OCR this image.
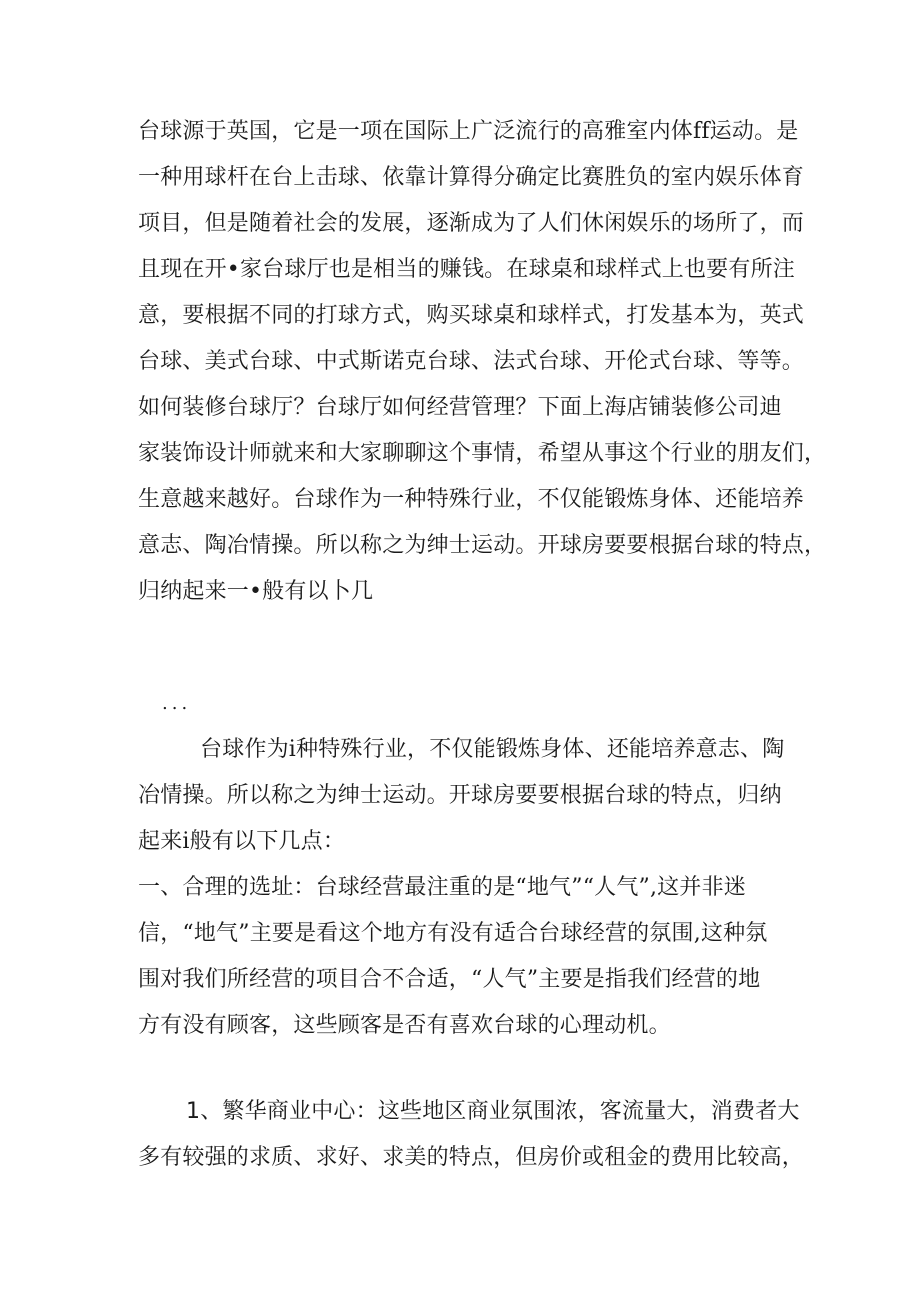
台球源于英国，它是一项在国际上广泛流行的高雅室内体ff运动。是
一种用球杆在台上击球、依靠计算得分确定比赛胜负的室内娱乐体育
项目，但是随着社会的发展，逐渐成为了人们休闲娱乐的场所了，而
且现在开•家台球厅也是相当的赚钱。在球桌和球样式上也要有所注
意，要根据不同的打球方式，购买球桌和球样式，打发基本为，英式
台球、美式台球、中式斯诺克台球、法式台球、开伦式台球、等等。
如何装修台球厅？台球厅如何经营管理？下面上海店铺装修公司迪
家装饰设计师就来和大家聊聊这个事情，希望从事这个行业的朋友们，
生意越来越好。台球作为一种特殊行业，不仅能锻炼身体、还能培养
意志、陶冶情操。所以称之为绅士运动。开球房要要根据台球的特点，
归纳起来一•般有以卜几
...
台球作为i种特殊行业，不仅能锻炼身体、还能培养意志、陶
冶情操。所以称之为绅士运动。开球房要要根据台球的特点，归纳
起来i般有以下几点：
一、合理的选址：台球经营最注重的是“地气”“人气”,这并非迷
信，“地气”主要是看这个地方有没有适合台球经营的氛围,这种氛
围对我们所经营的项目合不合适，“人气”主要是指我们经营的地
方有没有顾客，这些顾客是否有喜欢台球的心理动机。
1、繁华商业中心：这些地区商业氛围浓，客流量大，消费者大
多有较强的求质、求好、求美的特点，但房价或租金的费用比较高，
